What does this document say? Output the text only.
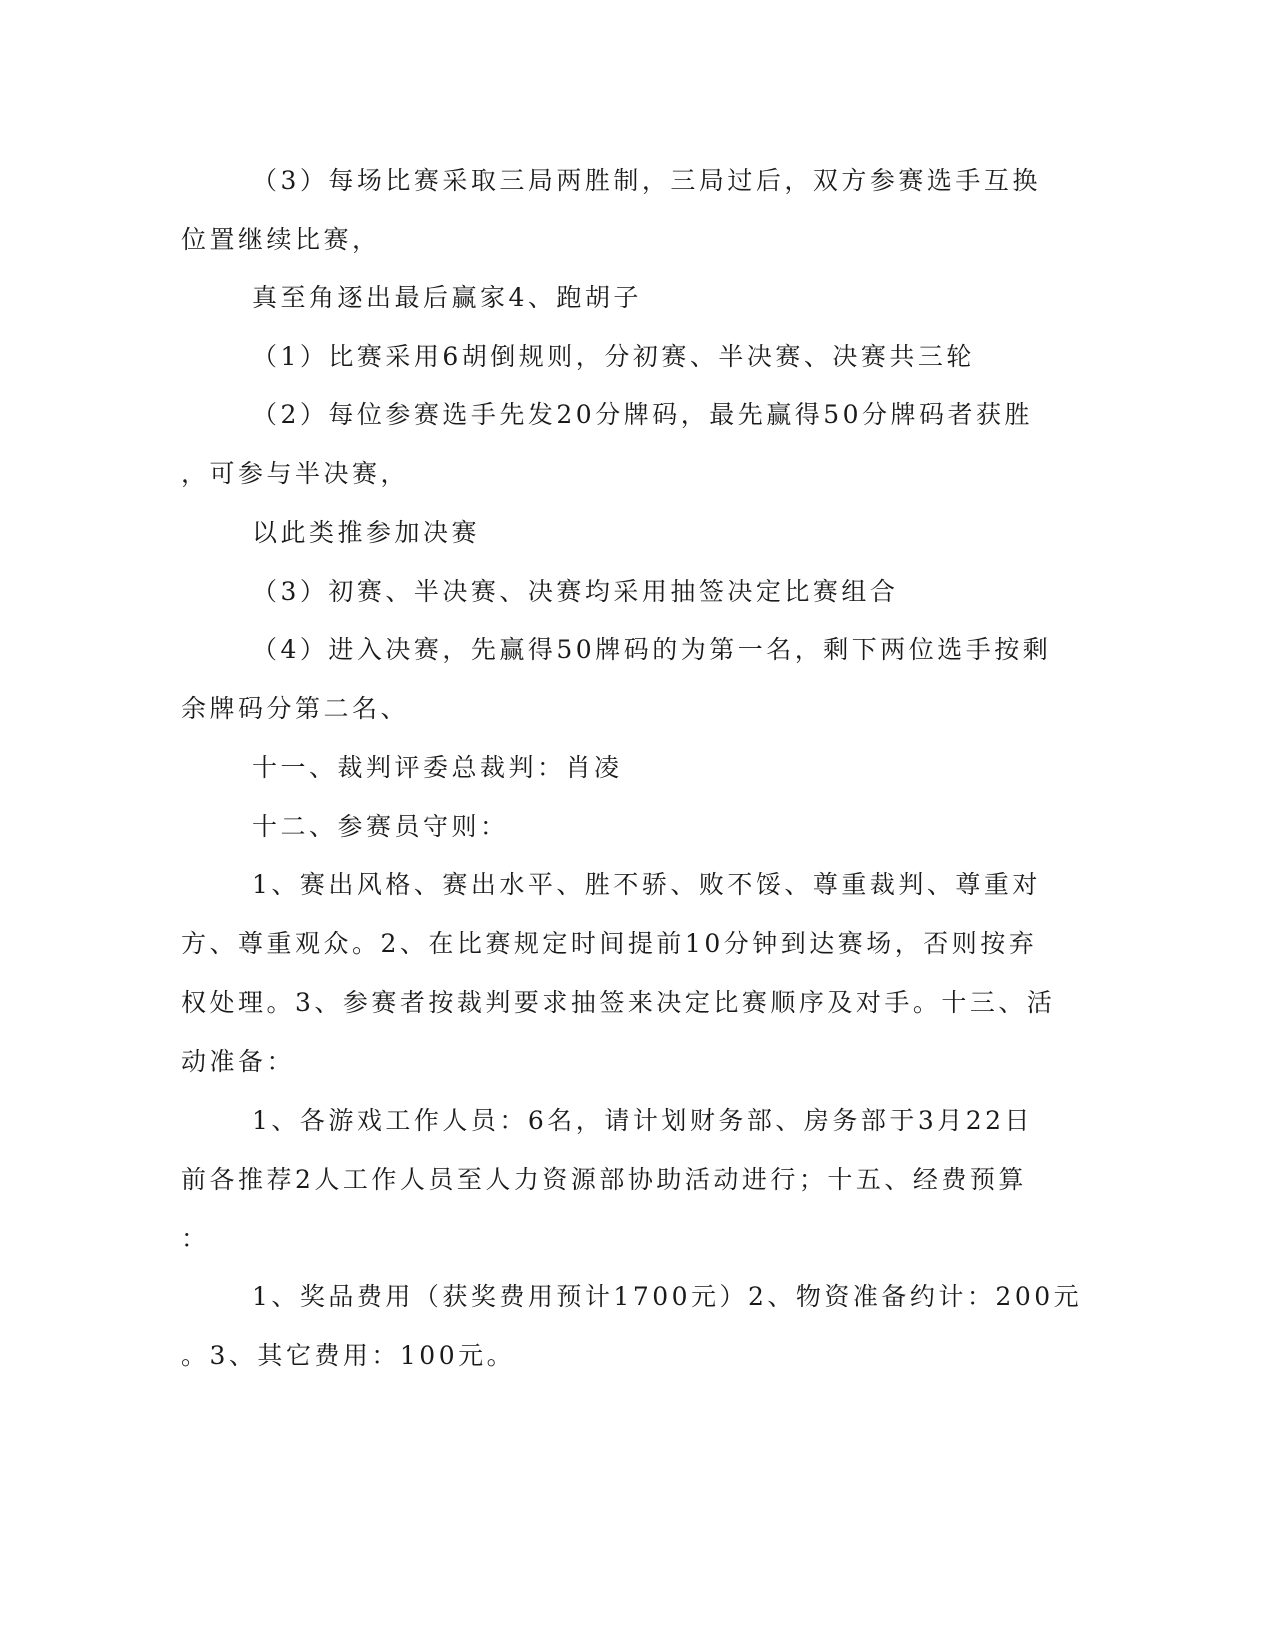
（3）每场比赛采取三局两胜制，三局过后，双方参赛选手互换

位置继续比赛，

真至角逐出最后赢家4、跑胡子

（1）比赛采用6胡倒规则，分初赛、半决赛、决赛共三轮

（2）每位参赛选手先发20分牌码，最先赢得50分牌码者获胜

，可参与半决赛，

以此类推参加决赛

（3）初赛、半决赛、决赛均采用抽签决定比赛组合

（4）进入决赛，先赢得50牌码的为第一名，剩下两位选手按剩

余牌码分第二名、

十一、裁判评委总裁判：肖凌

十二、参赛员守则：

1、赛出风格、赛出水平、胜不骄、败不馁、尊重裁判、尊重对

方、尊重观众。2、在比赛规定时间提前10分钟到达赛场，否则按弃

权处理。3、参赛者按裁判要求抽签来决定比赛顺序及对手。十三、活

动准备：

1、各游戏工作人员：6名，请计划财务部、房务部于3月22日

前各推荐2人工作人员至人力资源部协助活动进行；十五、经费预算

：

1、奖品费用（获奖费用预计1700元）2、物资准备约计：200元

。3、其它费用：100元。
